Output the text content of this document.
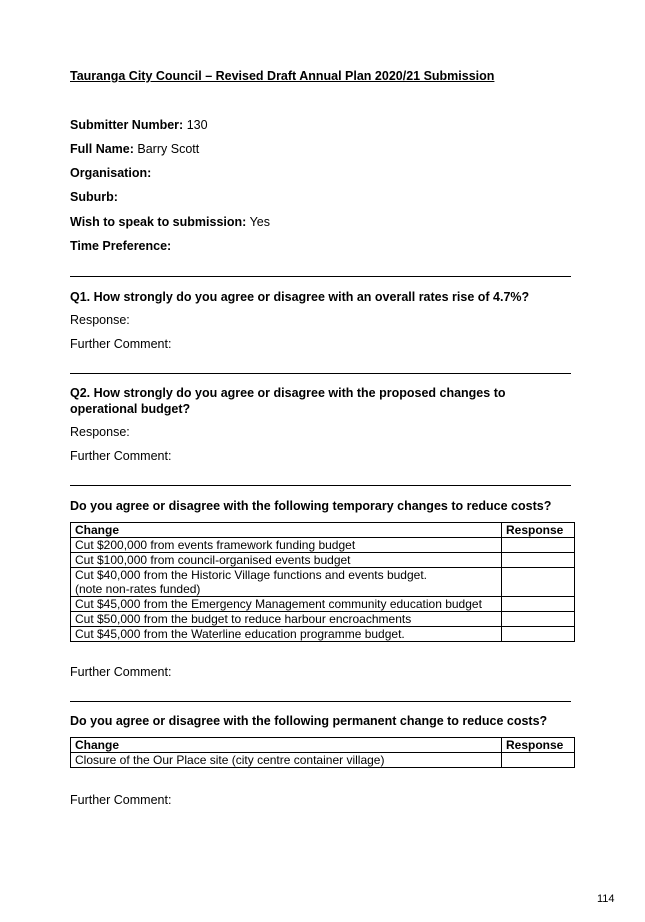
Tauranga City Council – Revised Draft Annual Plan 2020/21 Submission
Submitter Number: 130
Full Name: Barry Scott
Organisation:
Suburb:
Wish to speak to submission: Yes
Time Preference:
Q1. How strongly do you agree or disagree with an overall rates rise of 4.7%?
Response:
Further Comment:
Q2. How strongly do you agree or disagree with the proposed changes to operational budget?
Response:
Further Comment:
Do you agree or disagree with the following temporary changes to reduce costs?
Change	Response
Cut $200,000 from events framework funding budget	
Cut $100,000 from council-organised events budget	

Cut $40,000 from the Historic Village functions and events budget.
(note non-rates funded)	

Cut $45,000 from the Emergency Management community education budget	
Cut $50,000 from the budget to reduce harbour encroachments	
Cut $45,000 from the Waterline education programme budget.	
Further Comment:
Do you agree or disagree with the following permanent change to reduce costs?
Change	Response
Closure of the Our Place site (city centre container village)	
Further Comment:
114
